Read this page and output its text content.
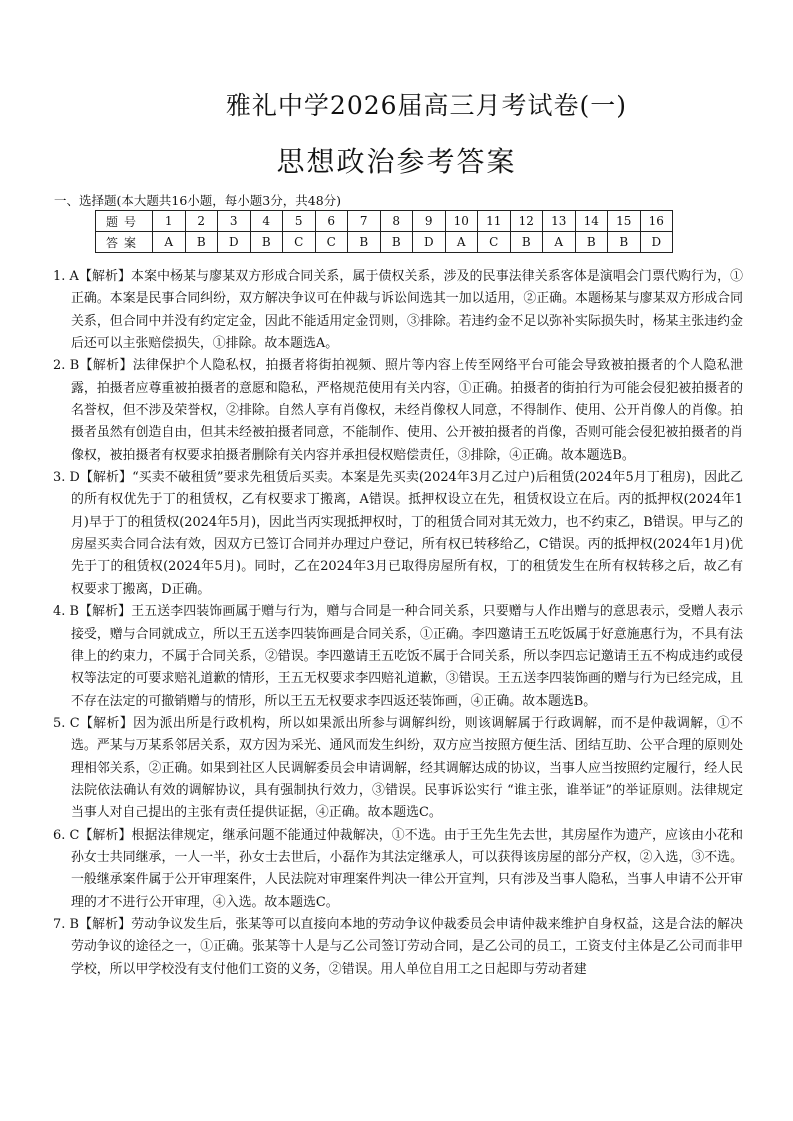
雅礼中学2026届高三月考试卷(一)
思想政治参考答案
一、选择题(本大题共16小题，每小题3分，共48分)
题号	1	2	3	4	5	6	7	8	9	10	11	12	13	14	15	16
答案	A	B	D	B	C	C	B	B	D	A	C	B	A	B	B	D

1. A【解析】本案中杨某与廖某双方形成合同关系，属于债权关系，涉及的民事法律关系客体是演唱会门票代购行为，①正确。本案是民事合同纠纷，双方解决争议可在仲裁与诉讼间选其一加以适用，②正确。本题杨某与廖某双方形成合同关系，但合同中并没有约定定金，因此不能适用定金罚则，③排除。若违约金不足以弥补实际损失时，杨某主张违约金后还可以主张赔偿损失，①排除。故本题选A。

2. B【解析】法律保护个人隐私权，拍摄者将街拍视频、照片等内容上传至网络平台可能会导致被拍摄者的个人隐私泄露，拍摄者应尊重被拍摄者的意愿和隐私，严格规范使用有关内容，①正确。拍摄者的街拍行为可能会侵犯被拍摄者的名誉权，但不涉及荣誉权，②排除。自然人享有肖像权，未经肖像权人同意，不得制作、使用、公开肖像人的肖像。拍摄者虽然有创造自由，但其未经被拍摄者同意，不能制作、使用、公开被拍摄者的肖像，否则可能会侵犯被拍摄者的肖像权，被拍摄者有权要求拍摄者删除有关内容并承担侵权赔偿责任，③排除，④正确。故本题选B。

3. D【解析】“买卖不破租赁”要求先租赁后买卖。本案是先买卖(2024年3月乙过户)后租赁(2024年5月丁租房)，因此乙的所有权优先于丁的租赁权，乙有权要求丁搬离，A错误。抵押权设立在先，租赁权设立在后。丙的抵押权(2024年1月)早于丁的租赁权(2024年5月)，因此当丙实现抵押权时，丁的租赁合同对其无效力，也不约束乙，B错误。甲与乙的房屋买卖合同合法有效，因双方已签订合同并办理过户登记，所有权已转移给乙，C错误。丙的抵押权(2024年1月)优先于丁的租赁权(2024年5月)。同时，乙在2024年3月已取得房屋所有权，丁的租赁发生在所有权转移之后，故乙有权要求丁搬离，D正确。

4. B【解析】王五送李四装饰画属于赠与行为，赠与合同是一种合同关系，只要赠与人作出赠与的意思表示，受赠人表示接受，赠与合同就成立，所以王五送李四装饰画是合同关系，①正确。李四邀请王五吃饭属于好意施惠行为，不具有法律上的约束力，不属于合同关系，②错误。李四邀请王五吃饭不属于合同关系，所以李四忘记邀请王五不构成违约或侵权等法定的可要求赔礼道歉的情形，王五无权要求李四赔礼道歉，③错误。王五送李四装饰画的赠与行为已经完成，且不存在法定的可撤销赠与的情形，所以王五无权要求李四返还装饰画，④正确。故本题选B。

5. C【解析】因为派出所是行政机构，所以如果派出所参与调解纠纷，则该调解属于行政调解，而不是仲裁调解，①不选。严某与万某系邻居关系，双方因为采光、通风而发生纠纷，双方应当按照方便生活、团结互助、公平合理的原则处理相邻关系，②正确。如果到社区人民调解委员会申请调解，经其调解达成的协议，当事人应当按照约定履行，经人民法院依法确认有效的调解协议，具有强制执行效力，③错误。民事诉讼实行 “谁主张，谁举证”的举证原则。法律规定当事人对自己提出的主张有责任提供证据，④正确。故本题选C。

6. C【解析】根据法律规定，继承问题不能通过仲裁解决，①不选。由于王先生先去世，其房屋作为遗产，应该由小花和孙女士共同继承，一人一半，孙女士去世后，小磊作为其法定继承人，可以获得该房屋的部分产权，②入选，③不选。一般继承案件属于公开审理案件，人民法院对审理案件判决一律公开宣判，只有涉及当事人隐私，当事人申请不公开审理的才不进行公开审理，④入选。故本题选C。

7. B【解析】劳动争议发生后，张某等可以直接向本地的劳动争议仲裁委员会申请仲裁来维护自身权益，这是合法的解决劳动争议的途径之一，①正确。张某等十人是与乙公司签订劳动合同，是乙公司的员工，工资支付主体是乙公司而非甲学校，所以甲学校没有支付他们工资的义务，②错误。用人单位自用工之日起即与劳动者建
